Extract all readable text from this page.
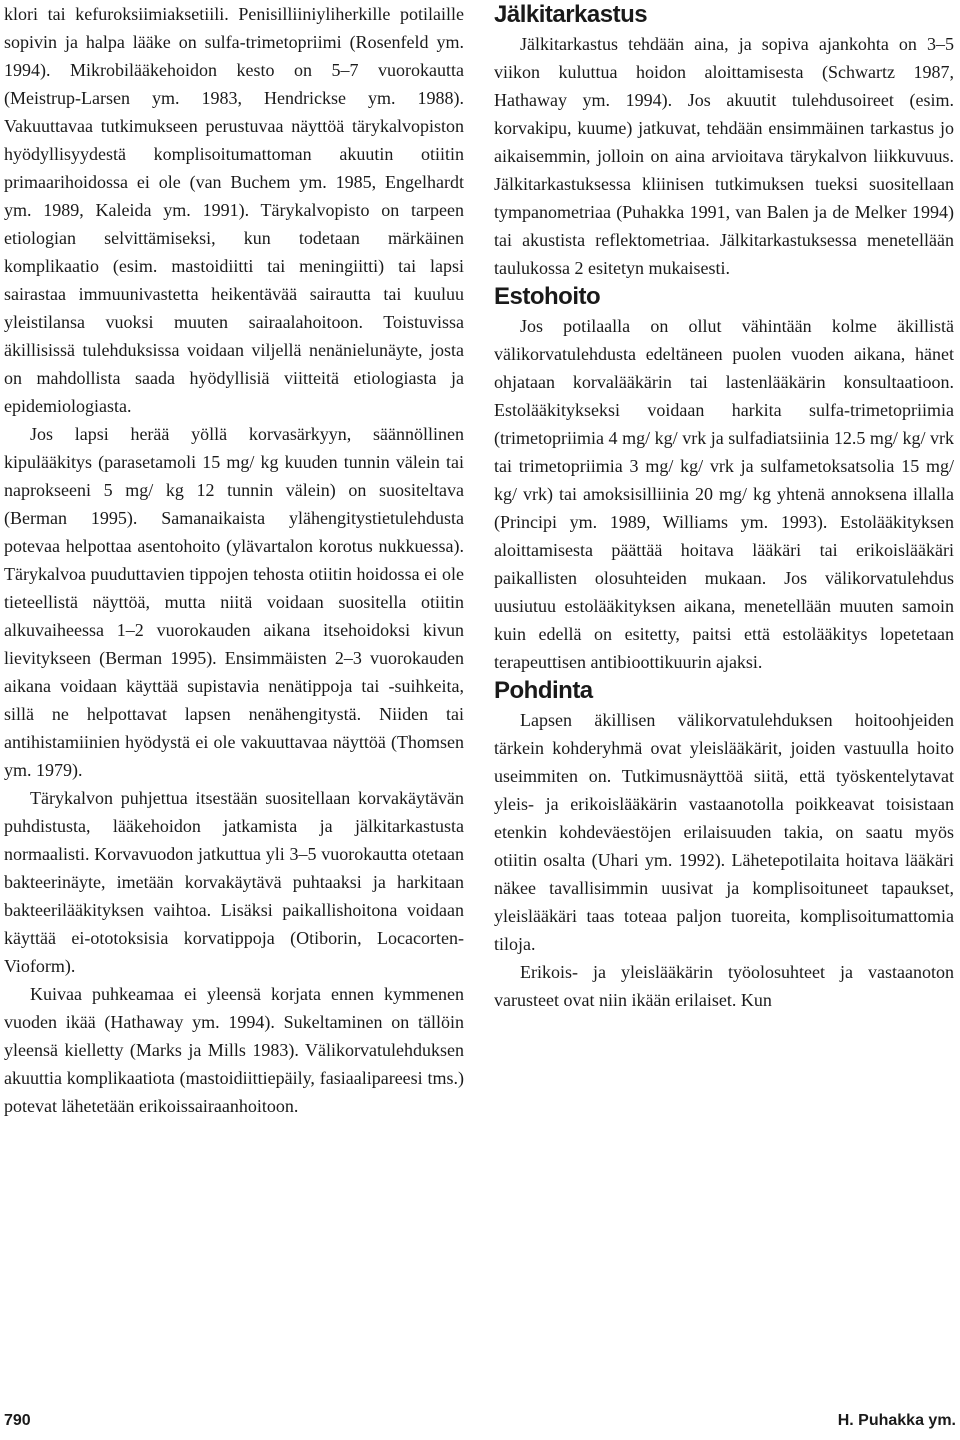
klori tai kefuroksiimiaksetiili. Penisilliiniyliherkille potilaille sopivin ja halpa lääke on sulfa-trimetopriimi (Rosenfeld ym. 1994). Mikrobilääkehoidon kesto on 5–7 vuorokautta (Meistrup-Larsen ym. 1983, Hendrickse ym. 1988). Vakuuttavaa tutkimukseen perustuvaa näyttöä tärykalvopiston hyödyllisyydestä komplisoitumattoman akuutin otiitin primaarihoidossa ei ole (van Buchem ym. 1985, Engelhardt ym. 1989, Kaleida ym. 1991). Tärykalvopisto on tarpeen etiologian selvittämiseksi, kun todetaan märkäinen komplikaatio (esim. mastoidiitti tai meningiitti) tai lapsi sairastaa immuunivastetta heikentävää sairautta tai kuuluu yleistilansa vuoksi muuten sairaalahoitoon. Toistuvissa äkillisissä tulehduksissa voidaan viljellä nenänielunäyte, josta on mahdollista saada hyödyllisiä viitteitä etiologiasta ja epidemiologiasta.

Jos lapsi herää yöllä korvasärkyyn, säännöllinen kipulääkitys (parasetamoli 15 mg/ kg kuuden tunnin välein tai naprokseeni 5 mg/ kg 12 tunnin välein) on suositeltava (Berman 1995). Samanaikaista ylähengitystietulehdusta potevaa helpottaa asentohoito (ylävartalon korotus nukkuessa). Tärykalvoa puuduttavien tippojen tehosta otiitin hoidossa ei ole tieteellistä näyttöä, mutta niitä voidaan suositella otiitin alkuvaiheessa 1–2 vuorokauden aikana itsehoidoksi kivun lievitykseen (Berman 1995). Ensimmäisten 2–3 vuorokauden aikana voidaan käyttää supistavia nenätippoja tai -suihkeita, sillä ne helpottavat lapsen nenähengitystä. Niiden tai antihistamiinien hyödystä ei ole vakuuttavaa näyttöä (Thomsen ym. 1979).

Tärykalvon puhjettua itsestään suositellaan korvakäytävän puhdistusta, lääkehoidon jatkamista ja jälkitarkastusta normaalisti. Korvavuodon jatkuttua yli 3–5 vuorokautta otetaan bakteerinäyte, imetään korvakäytävä puhtaaksi ja harkitaan bakteerilääkityksen vaihtoa. Lisäksi paikallishoitona voidaan käyttää ei-ototoksisia korvatippoja (Otiborin, Locacorten-Vioform).

Kuivaa puhkeamaa ei yleensä korjata ennen kymmenen vuoden ikää (Hathaway ym. 1994). Sukeltaminen on tällöin yleensä kielletty (Marks ja Mills 1983). Välikorvatulehduksen akuuttia komplikaatiota (mastoidiittiepäily, fasiaalipareesi tms.) potevat lähetetään erikoissairaanhoitoon.

Jälkitarkastus

Jälkitarkastus tehdään aina, ja sopiva ajankohta on 3–5 viikon kuluttua hoidon aloittamisesta (Schwartz 1987, Hathaway ym. 1994). Jos akuutit tulehdusoireet (esim. korvakipu, kuume) jatkuvat, tehdään ensimmäinen tarkastus jo aikaisemmin, jolloin on aina arvioitava tärykalvon liikkuvuus. Jälkitarkastuksessa kliinisen tutkimuksen tueksi suositellaan tympanometriaa (Puhakka 1991, van Balen ja de Melker 1994) tai akustista reflektometriaa. Jälkitarkastuksessa menetellään taulukossa 2 esitetyn mukaisesti.

Estohoito

Jos potilaalla on ollut vähintään kolme äkillistä välikorvatulehdusta edeltäneen puolen vuoden aikana, hänet ohjataan korvalääkärin tai lastenlääkärin konsultaatioon. Estolääkitykseksi voidaan harkita sulfa-trimetopriimia (trimetopriimia 4 mg/ kg/ vrk ja sulfadiatsiinia 12.5 mg/ kg/ vrk tai trimetopriimia 3 mg/ kg/ vrk ja sulfametoksatsolia 15 mg/ kg/ vrk) tai amoksisilliinia 20 mg/ kg yhtenä annoksena illalla (Principi ym. 1989, Williams ym. 1993). Estolääkityksen aloittamisesta päättää hoitava lääkäri tai erikoislääkäri paikallisten olosuhteiden mukaan. Jos välikorvatulehdus uusiutuu estolääkityksen aikana, menetellään muuten samoin kuin edellä on esitetty, paitsi että estolääkitys lopetetaan terapeuttisen antibioottikuurin ajaksi.

Pohdinta

Lapsen äkillisen välikorvatulehduksen hoitoohjeiden tärkein kohderyhmä ovat yleislääkärit, joiden vastuulla hoito useimmiten on. Tutkimusnäyttöä siitä, että työskentelytavat yleis- ja erikoislääkärin vastaanotolla poikkeavat toisistaan etenkin kohdeväestöjen erilaisuuden takia, on saatu myös otiitin osalta (Uhari ym. 1992). Lähetepotilaita hoitava lääkäri näkee tavallisimmin uusivat ja komplisoituneet tapaukset, yleislääkäri taas toteaa paljon tuoreita, komplisoitumattomia tiloja.

Erikois- ja yleislääkärin työolosuhteet ja vastaanoton varusteet ovat niin ikään erilaiset. Kun

790	H. Puhakka ym.
